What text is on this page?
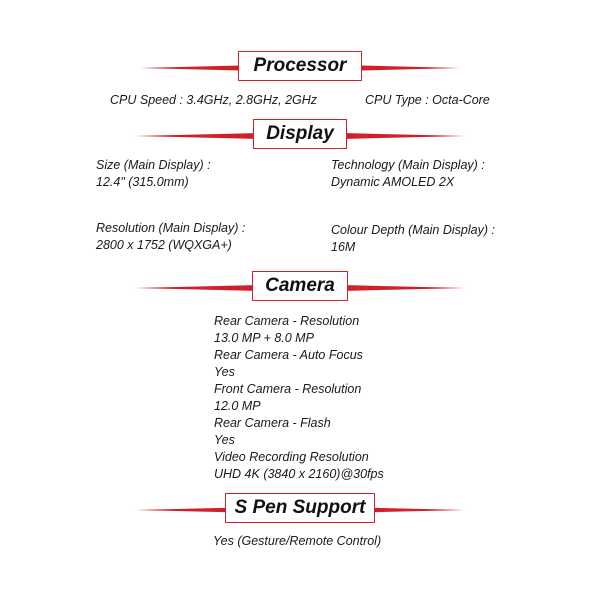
Processor
CPU Speed : 3.4GHz, 2.8GHz, 2GHz	CPU Type : Octa-Core
Display
Size (Main Display) :
12.4" (315.0mm)
Technology (Main Display) :
Dynamic AMOLED 2X
Resolution (Main Display) :
2800 x 1752 (WQXGA+)
Colour Depth (Main Display) :
16M
Camera
Rear Camera - Resolution
13.0 MP + 8.0 MP
Rear Camera - Auto Focus
Yes
Front Camera - Resolution
12.0 MP
Rear Camera - Flash
Yes
Video Recording Resolution
UHD 4K (3840 x 2160)@30fps
S Pen Support
Yes (Gesture/Remote Control)
